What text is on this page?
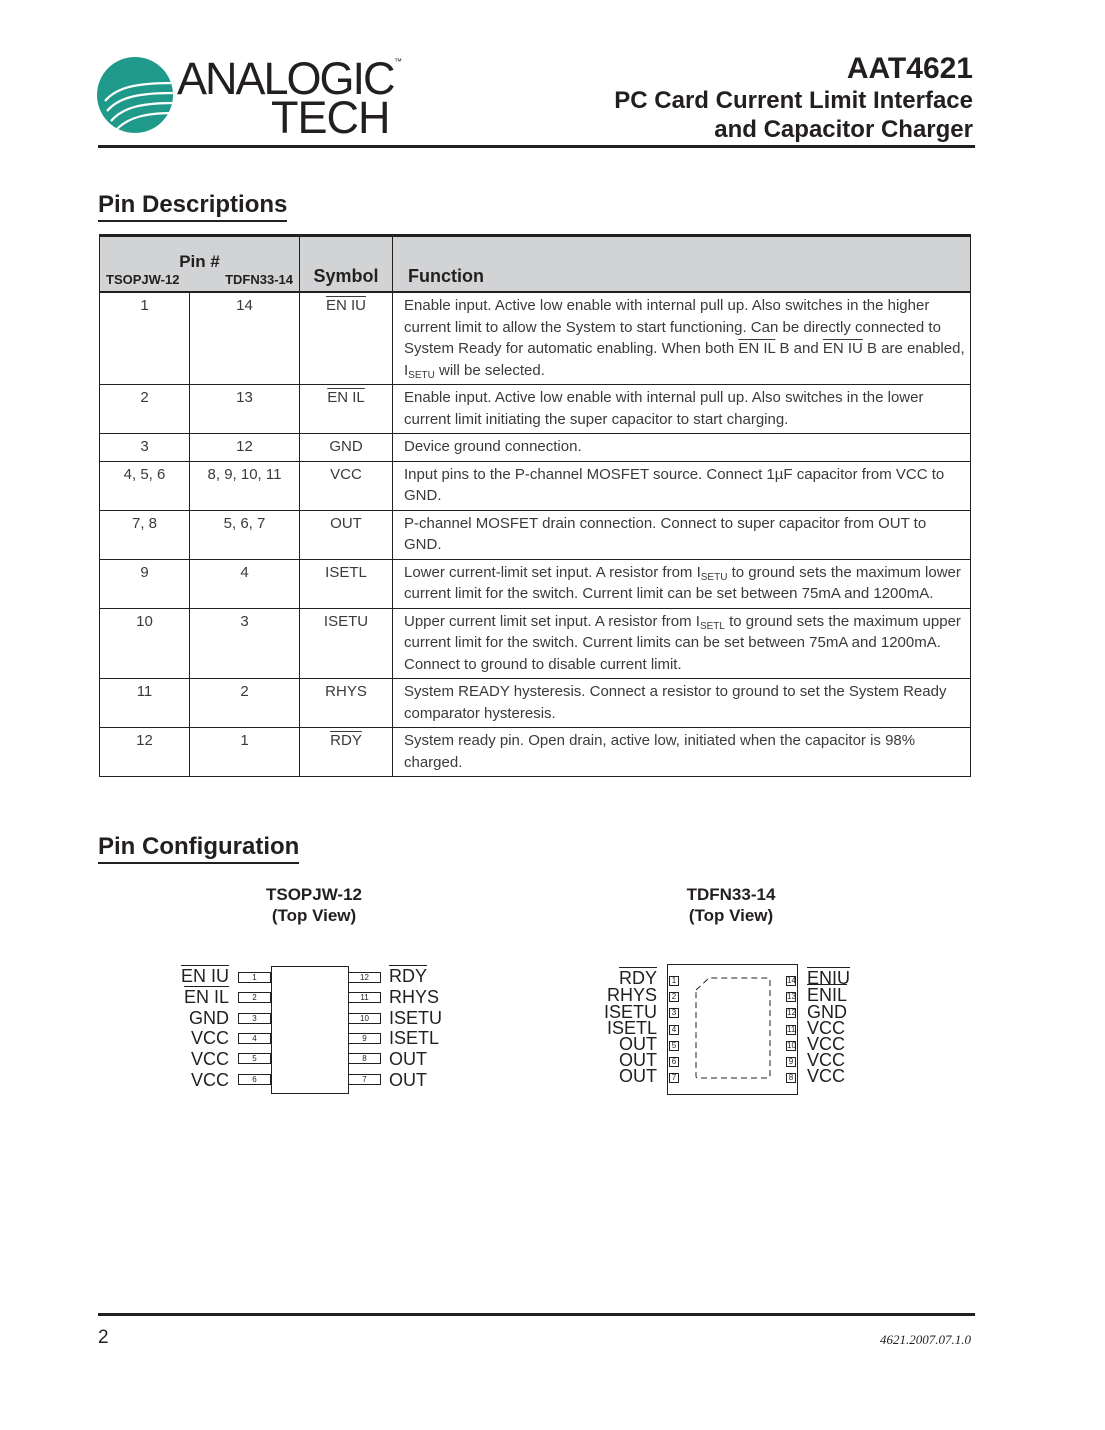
ANALOGIC
TECH
™	AAT4621
PC Card Current Limit Interface
and Capacitor Charger
Pin Descriptions
Pin #
TSOPJW-12 TDFN33-14		Symbol	Function
1	14	EN IU	Enable input. Active low enable with internal pull up. Also switches in the higher current limit to allow the System to start functioning. Can be directly connected to System Ready for automatic enabling. When both EN IL B and EN IU B are enabled, $I_{SETU}$ will be selected.
2	13	EN IL	Enable input. Active low enable with internal pull up. Also switches in the lower current limit initiating the super capacitor to start charging.
3	12	GND	Device ground connection.
4, 5, 6	8, 9, 10, 11	VCC	Input pins to the P-channel MOSFET source. Connect 1µF capacitor from VCC to GND.
7, 8	5, 6, 7	OUT	P-channel MOSFET drain connection. Connect to super capacitor from OUT to GND.
9	4	ISETL	Lower current-limit set input. A resistor from $I_{SETU}$ to ground sets the maximum lower current limit for the switch. Current limit can be set between 75mA and 1200mA.
10	3	ISETU	Upper current limit set input. A resistor from $I_{SETL}$ to ground sets the maximum upper current limit for the switch. Current limits can be set between 75mA and 1200mA. Connect to ground to disable current limit.
11	2	RHYS	System READY hysteresis. Connect a resistor to ground to set the System Ready comparator hysteresis.
12	1	$\overline{RDY}$	System ready pin. Open drain, active low, initiated when the capacitor is 98% charged.
Pin Configuration
TSOPJW-12
(Top View)
TDFN33-14
(Top View)
EN IU	1
EN IL	2
GND	3
VCC	4
VCC	5
VCC	6
12	$\overline{RDY}$
11	RHYS
10	ISETU
9	ISETL
8	OUT
7	OUT
$\overline{RDY}$
RHYS
ISETU
ISETL
OUT
OUT
OUT
1
2
3
4
5
6
7
14
13
12
11
10
9
8
ENIU
ENIL
GND
VCC
VCC
VCC
VCC
2	4621.2007.07.1.0
